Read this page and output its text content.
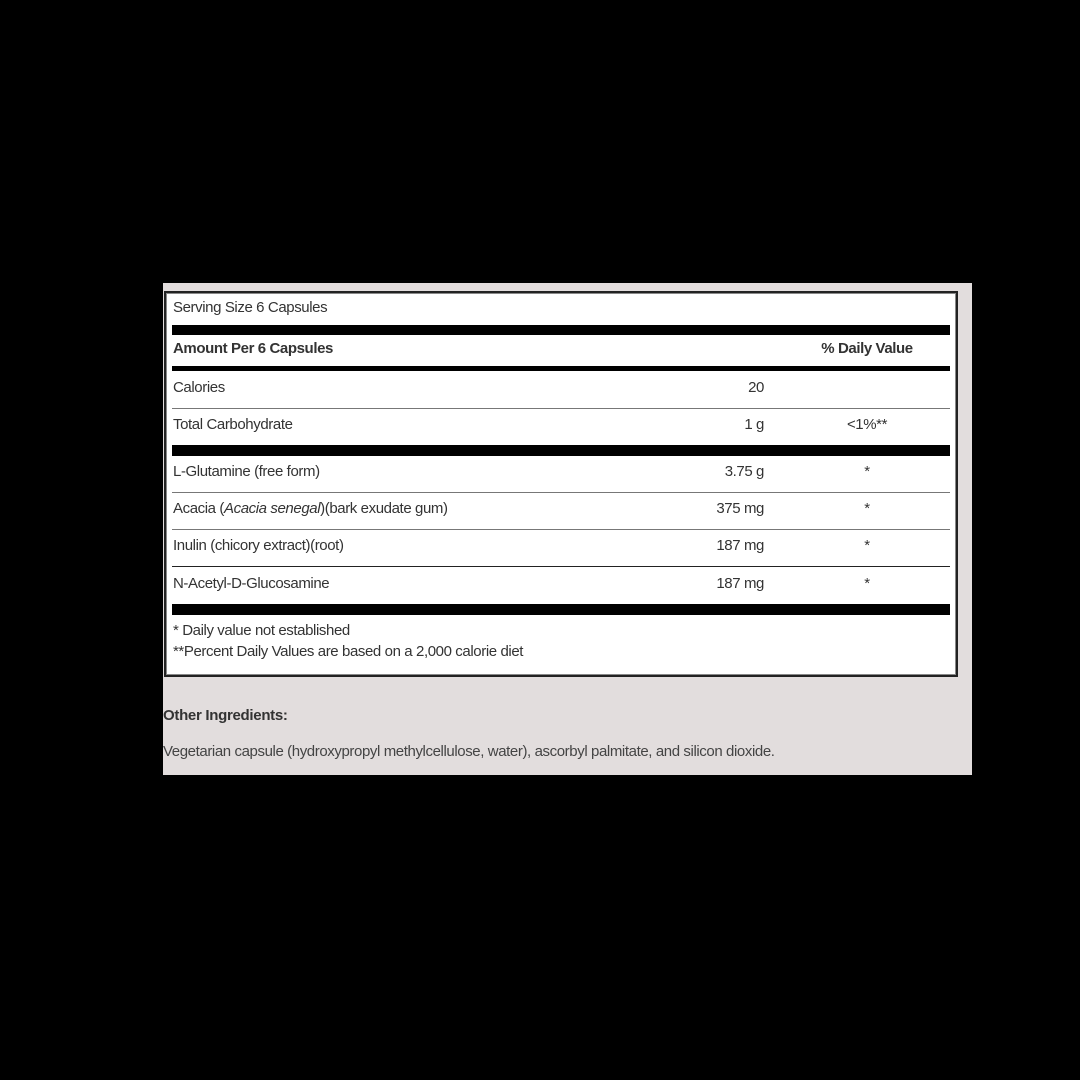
Serving Size 6 Capsules
Amount Per 6 Capsules	% Daily Value
Calories	20
Total Carbohydrate	1 g	<1%**
L-Glutamine (free form)	3.75 g	*
Acacia (Acacia senegal)(bark exudate gum)	375 mg	*
Inulin (chicory extract)(root)	187 mg	*
N-Acetyl-D-Glucosamine	187 mg	*
* Daily value not established
**Percent Daily Values are based on a 2,000 calorie diet
Other Ingredients:
Vegetarian capsule (hydroxypropyl methylcellulose, water), ascorbyl palmitate, and silicon dioxide.
